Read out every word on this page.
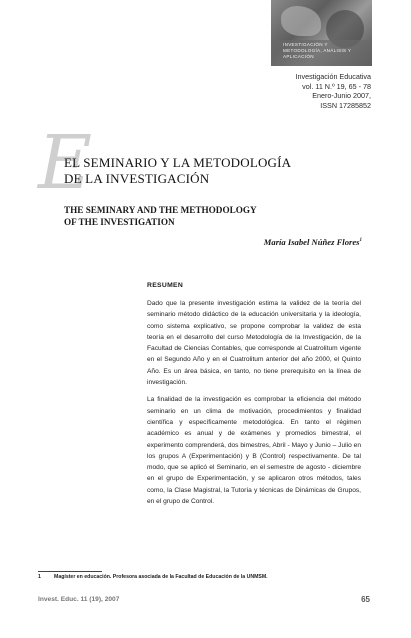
INVESTIGACIÓN Y METODOLOGÍA, ANÁLISIS Y APLICACIÓN
Investigación Educativa
vol. 11 N.º 19, 65 - 78
Enero-Junio 2007,
ISSN 17285852
E
EL SEMINARIO Y LA METODOLOGÍA
DE LA INVESTIGACIÓN
THE SEMINARY AND THE METHODOLOGY
OF THE INVESTIGATION
María Isabel Núñez Flores$^1$
RESUMEN

Dado que la presente investigación estima la validez de la teoría del seminario método didáctico de la educación universitaria y la ideología, como sistema explicativo, se propone comprobar la validez de esta teoría en el desarrollo del curso Metodología de la Investigación, de la Facultad de Ciencias Contables, que corresponde al Cuatrolitum vigente en el Segundo Año y en el Cuatrolitum anterior del año 2000, el Quinto Año. Es un área básica, en tanto, no tiene prerequisito en la línea de investigación.

La finalidad de la investigación es comprobar la eficiencia del método seminario en un clima de motivación, procedimientos y finalidad científica y específicamente metodológica. En tanto el régimen académico es anual y de exámenes y promedios bimestral, el experimento comprenderá, dos bimestres, Abril - Mayo y Junio – Julio en los grupos A (Experimentación) y B (Control) respectivamente. De tal modo, que se aplicó el Seminario, en el semestre de agosto - diciembre en el grupo de Experimentación, y se aplicaron otros métodos, tales como, la Clase Magistral, la Tutoría y técnicas de Dinámicas de Grupos, en el grupo de Control.

1	Magíster en educación. Profesora asociada de la Facultad de Educación de la UNMSM.
Invest. Educ. 11 (19), 2007	65
